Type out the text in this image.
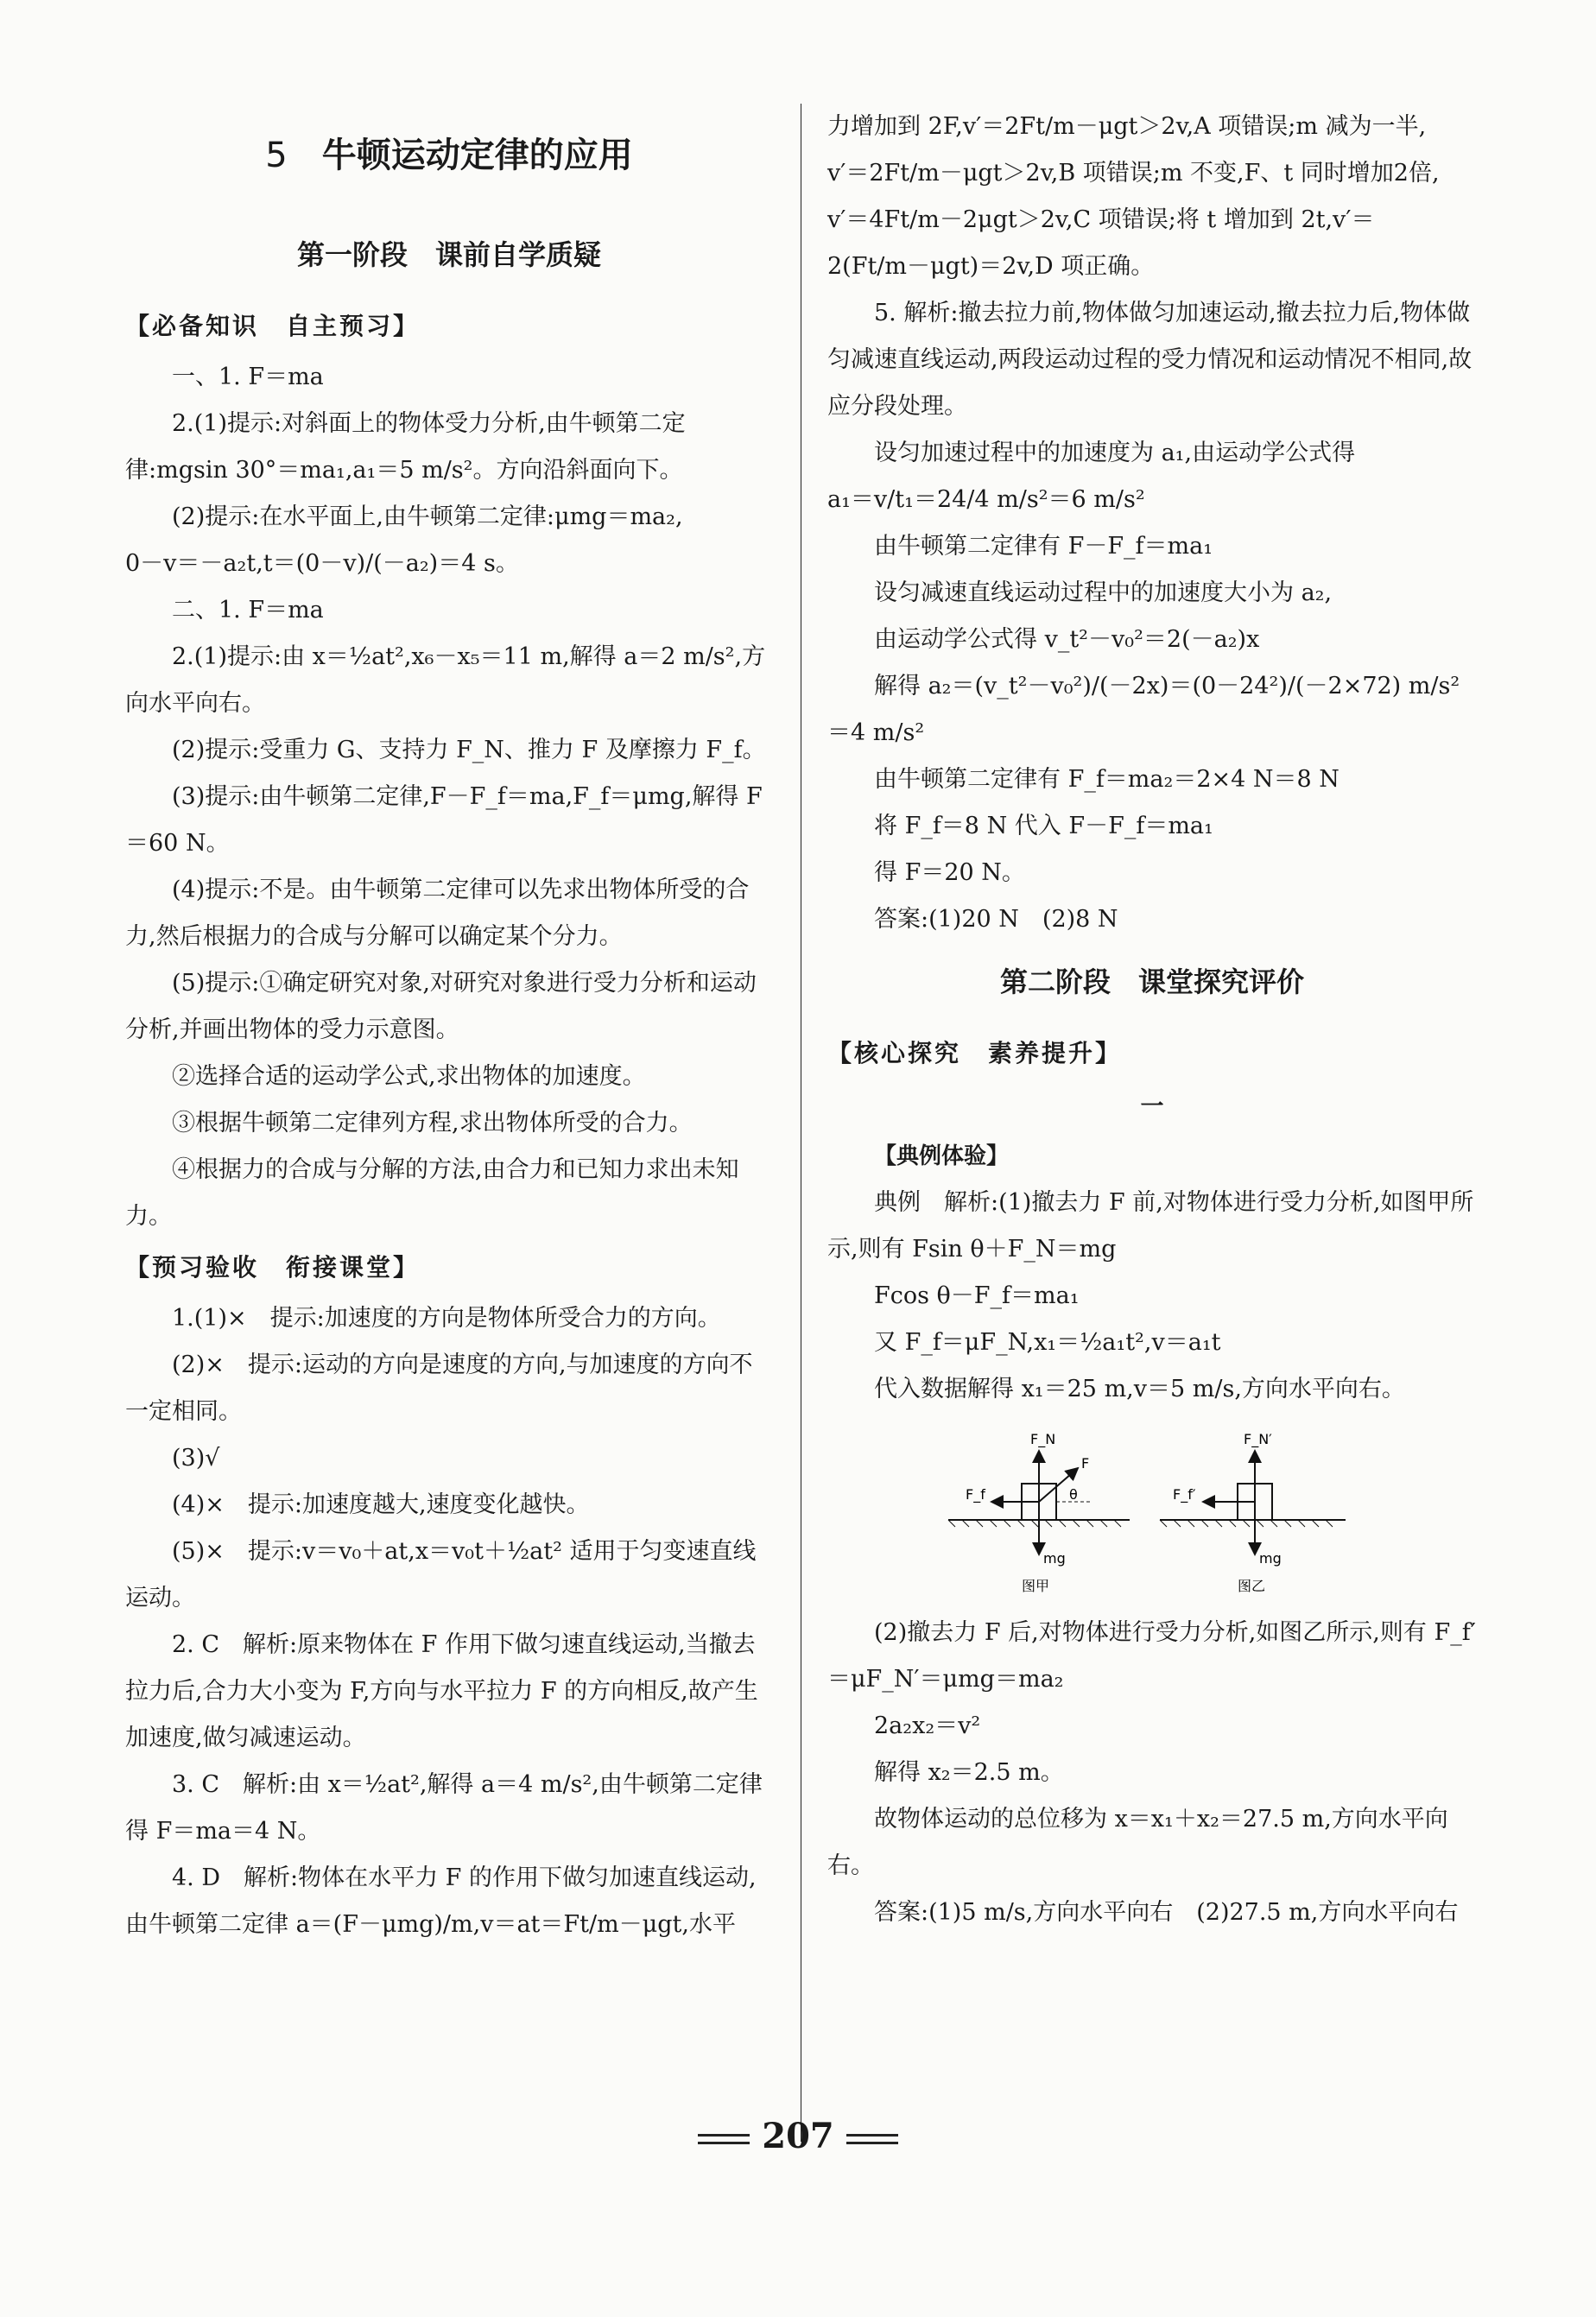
5 牛顿运动定律的应用
第一阶段　课前自学质疑
【必备知识　自主预习】

一、1. F＝ma

2.(1)提示:对斜面上的物体受力分析,由牛顿第二定律:mgsin 30°＝ma₁,a₁＝5 m/s²。方向沿斜面向下。

(2)提示:在水平面上,由牛顿第二定律:μmg＝ma₂,

0－v＝－a₂t,t＝(0－v)/(－a₂)＝4 s。

二、1. F＝ma

2.(1)提示:由 x＝½at²,x₆－x₅＝11 m,解得 a＝2 m/s²,方向水平向右。

(2)提示:受重力 G、支持力 F_N、推力 F 及摩擦力 F_f。

(3)提示:由牛顿第二定律,F－F_f＝ma,F_f＝μmg,解得 F＝60 N。

(4)提示:不是。由牛顿第二定律可以先求出物体所受的合力,然后根据力的合成与分解可以确定某个分力。

(5)提示:①确定研究对象,对研究对象进行受力分析和运动分析,并画出物体的受力示意图。

②选择合适的运动学公式,求出物体的加速度。

③根据牛顿第二定律列方程,求出物体所受的合力。

④根据力的合成与分解的方法,由合力和已知力求出未知力。

【预习验收　衔接课堂】

1.(1)×　提示:加速度的方向是物体所受合力的方向。

(2)×　提示:运动的方向是速度的方向,与加速度的方向不一定相同。

(3)√

(4)×　提示:加速度越大,速度变化越快。

(5)×　提示:v＝v₀＋at,x＝v₀t＋½at² 适用于匀变速直线运动。

2. C　解析:原来物体在 F 作用下做匀速直线运动,当撤去拉力后,合力大小变为 F,方向与水平拉力 F 的方向相反,故产生加速度,做匀减速运动。

3. C　解析:由 x＝½at²,解得 a＝4 m/s²,由牛顿第二定律得 F＝ma＝4 N。

4. D　解析:物体在水平力 F 的作用下做匀加速直线运动,由牛顿第二定律 a＝(F－μmg)/m,v＝at＝Ft/m－μgt,水平

力增加到 2F,v′＝2Ft/m－μgt＞2v,A 项错误;m 减为一半,

v′＝2Ft/m－μgt＞2v,B 项错误;m 不变,F、t 同时增加2倍,

v′＝4Ft/m－2μgt＞2v,C 项错误;将 t 增加到 2t,v′＝

2(Ft/m－μgt)＝2v,D 项正确。

5. 解析:撤去拉力前,物体做匀加速运动,撤去拉力后,物体做匀减速直线运动,两段运动过程的受力情况和运动情况不相同,故应分段处理。

设匀加速过程中的加速度为 a₁,由运动学公式得

a₁＝v/t₁＝24/4 m/s²＝6 m/s²

由牛顿第二定律有 F－F_f＝ma₁

设匀减速直线运动过程中的加速度大小为 a₂,

由运动学公式得 v_t²－v₀²＝2(－a₂)x

解得 a₂＝(v_t²－v₀²)/(－2x)＝(0－24²)/(－2×72) m/s²＝4 m/s²

由牛顿第二定律有 F_f＝ma₂＝2×4 N＝8 N

将 F_f＝8 N 代入 F－F_f＝ma₁

得 F＝20 N。

答案:(1)20 N　(2)8 N

第二阶段　课堂探究评价
【核心探究　素养提升】
一
【典例体验】

典例　解析:(1)撤去力 F 前,对物体进行受力分析,如图甲所示,则有 Fsin θ＋F_N＝mg

Fcos θ－F_f＝ma₁

又 F_f＝μF_N,x₁＝½a₁t²,v＝a₁t

代入数据解得 x₁＝25 m,v＝5 m/s,方向水平向右。

F_N
F
θ
F_f
mg
图甲
F_N′
F_f′
mg
图乙

(2)撤去力 F 后,对物体进行受力分析,如图乙所示,则有 F_f′＝μF_N′＝μmg＝ma₂

2a₂x₂＝v²

解得 x₂＝2.5 m。

故物体运动的总位移为 x＝x₁＋x₂＝27.5 m,方向水平向右。

答案:(1)5 m/s,方向水平向右　(2)27.5 m,方向水平向右

207
